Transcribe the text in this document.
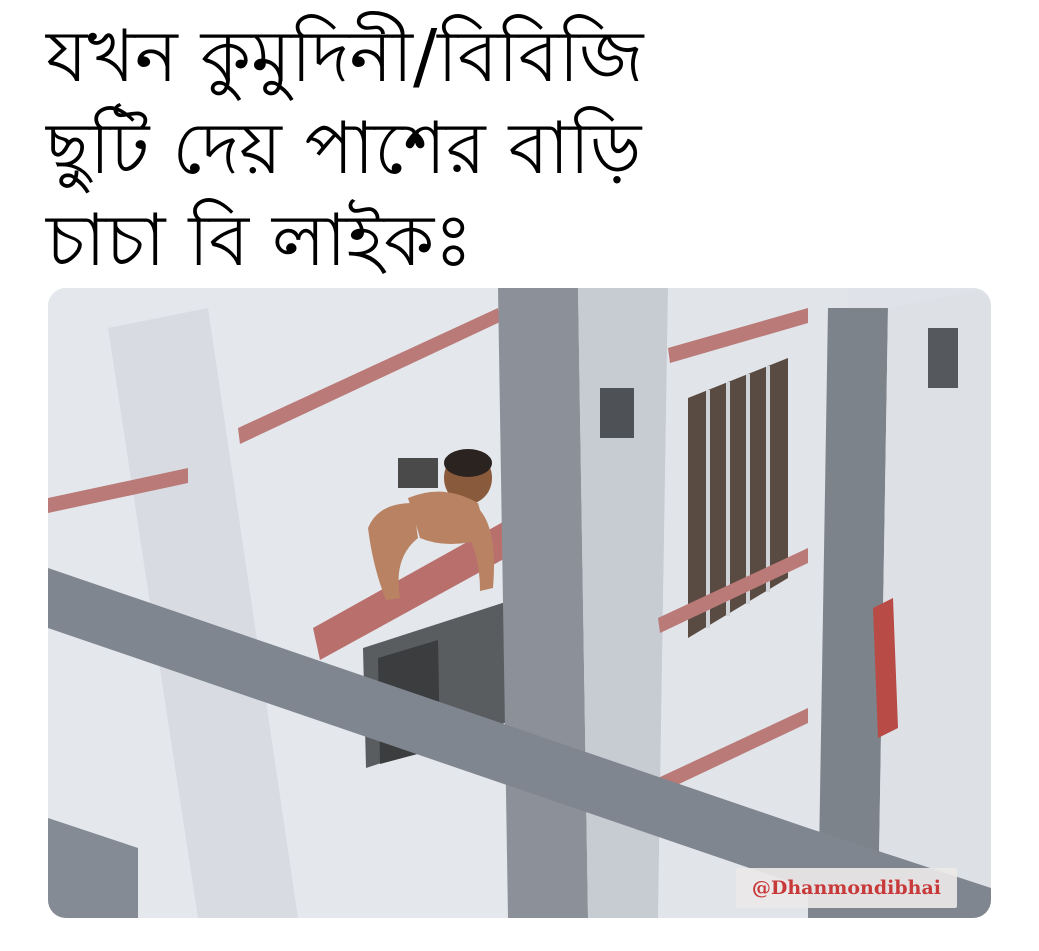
যখন কুমুদিনী/বিবিজি
ছুটি দেয় পাশের বাড়ি
চাচা বি লাইকঃ
@Dhanmondibhai
